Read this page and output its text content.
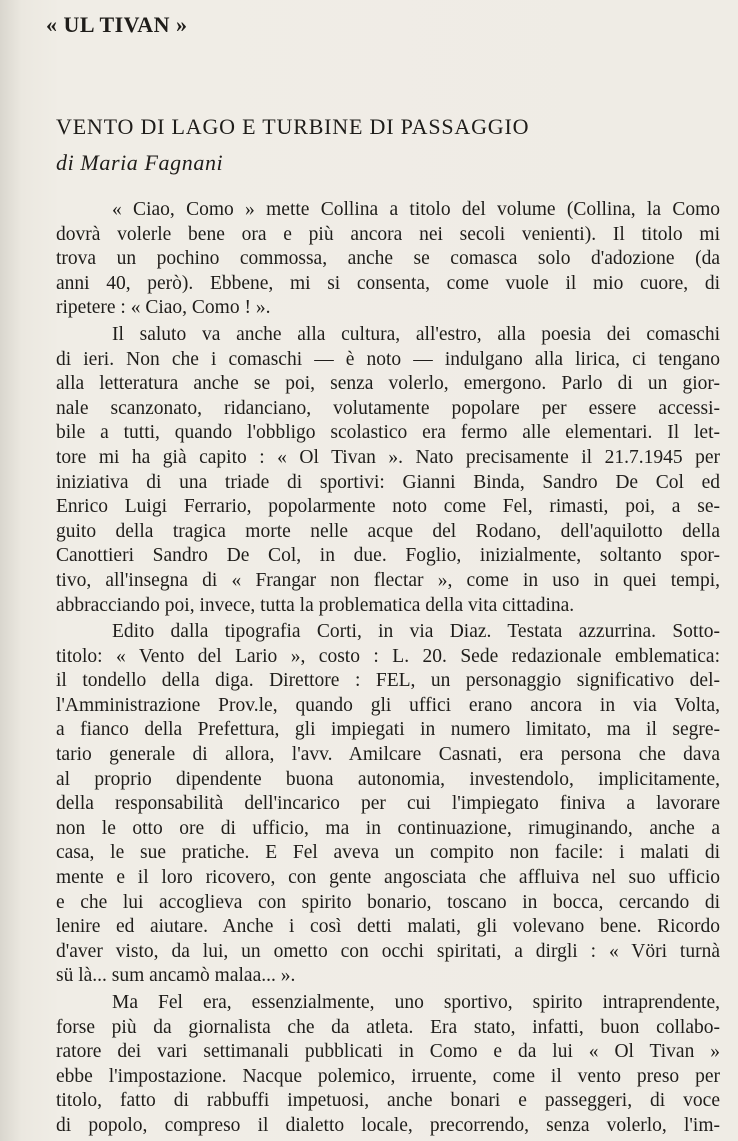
« UL TIVAN »
VENTO DI LAGO E TURBINE DI PASSAGGIO
di Maria Fagnani
« Ciao, Como » mette Collina a titolo del volume (Collina, la Como
dovrà volerle bene ora e più ancora nei secoli venienti). Il titolo mi
trova un pochino commossa, anche se comasca solo d'adozione (da
anni 40, però). Ebbene, mi si consenta, come vuole il mio cuore, di
ripetere : « Ciao, Como ! ».
Il saluto va anche alla cultura, all'estro, alla poesia dei comaschi
di ieri. Non che i comaschi — è noto — indulgano alla lirica, ci tengano
alla letteratura anche se poi, senza volerlo, emergono. Parlo di un gior-
nale scanzonato, ridanciano, volutamente popolare per essere accessi-
bile a tutti, quando l'obbligo scolastico era fermo alle elementari. Il let-
tore mi ha già capito : « Ol Tivan ». Nato precisamente il 21.7.1945 per
iniziativa di una triade di sportivi: Gianni Binda, Sandro De Col ed
Enrico Luigi Ferrario, popolarmente noto come Fel, rimasti, poi, a se-
guito della tragica morte nelle acque del Rodano, dell'aquilotto della
Canottieri Sandro De Col, in due. Foglio, inizialmente, soltanto spor-
tivo, all'insegna di « Frangar non flectar », come in uso in quei tempi,
abbracciando poi, invece, tutta la problematica della vita cittadina.
Edito dalla tipografia Corti, in via Diaz. Testata azzurrina. Sotto-
titolo: « Vento del Lario », costo : L. 20. Sede redazionale emblematica:
il tondello della diga. Direttore : FEL, un personaggio significativo del-
l'Amministrazione Prov.le, quando gli uffici erano ancora in via Volta,
a fianco della Prefettura, gli impiegati in numero limitato, ma il segre-
tario generale di allora, l'avv. Amilcare Casnati, era persona che dava
al proprio dipendente buona autonomia, investendolo, implicitamente,
della responsabilità dell'incarico per cui l'impiegato finiva a lavorare
non le otto ore di ufficio, ma in continuazione, rimuginando, anche a
casa, le sue pratiche. E Fel aveva un compito non facile: i malati di
mente e il loro ricovero, con gente angosciata che affluiva nel suo ufficio
e che lui accoglieva con spirito bonario, toscano in bocca, cercando di
lenire ed aiutare. Anche i così detti malati, gli volevano bene. Ricordo
d'aver visto, da lui, un ometto con occhi spiritati, a dirgli : « Vöri turnà
sü là... sum ancamò malaa... ».
Ma Fel era, essenzialmente, uno sportivo, spirito intraprendente,
forse più da giornalista che da atleta. Era stato, infatti, buon collabo-
ratore dei vari settimanali pubblicati in Como e da lui « Ol Tivan »
ebbe l'impostazione. Nacque polemico, irruente, come il vento preso per
titolo, fatto di rabbuffi impetuosi, anche bonari e passeggeri, di voce
di popolo, compreso il dialetto locale, precorrendo, senza volerlo, l'im-
